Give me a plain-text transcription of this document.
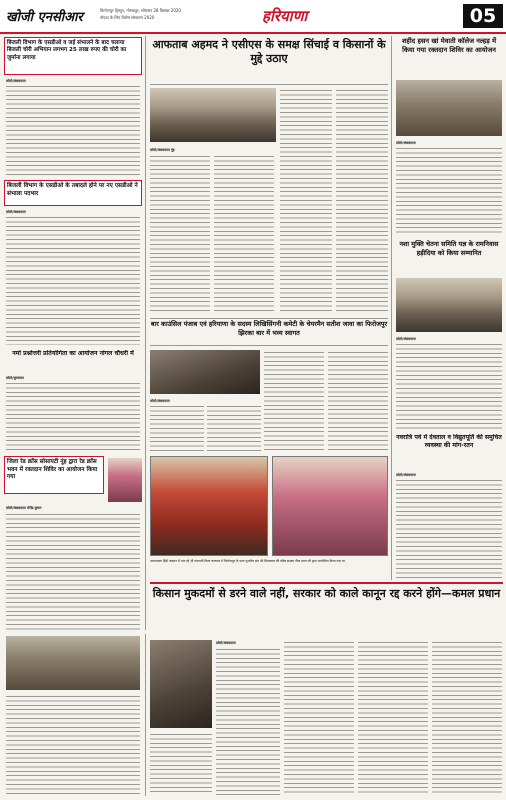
खोजी एनसीआर	फिरोजपुर ट्रिब्यून, गोरखपुर, सोमवार 28 दिसंबर 2020
नोएडा के लिए विशेष संस्करण 2020	हरियाणा	05
बिजली विभाग के एसडीओ व जई संभालने के बाद चलाया बिजली चोरी अभियान लगभग 25 लाख रुपए की चोरी का जुर्माना लगाया
फ़ोटो/संवाददाता
बिजली विभाग के एसडीओ के तबादले होने पर नए एसडीओ ने संभाला पदभार
फ़ोटो/संवाददाता
नमो प्रश्नोत्तरी प्रतियोगिता का आयोजन नांगल चौधरी में
फ़ोटो/सूरजमल
जिला रेड क्रॉस सोसायटी नूंह द्वारा रेड क्रॉस भवन में रक्तदान शिविर का आयोजन किया गया
फ़ोटो/संवाददाता योगेंद्र कुमार
आफताब अहमद ने एसीएस के समक्ष सिंचाई व किसानों के मुद्दे उठाए
फ़ोटो/संवाददाता नूंह
बार काउंसिल पंजाब एवं हरियाणा के सदस्य लिखिसिंगनी कमेटी के चेयरमैन सतीश जावा का फिरोजपुर झिरका बार में भव्य स्वागत
फ़ोटो/संवाददाता
अनाथालय हिंदी जंक्शन में चल रहे श्री पंचायती विश्व कल्याण में फिरोजपुर के परम पूजनीय संत श्री शिवालाल की वरिष्ठ सदस्य गीता माता जी द्वारा आयोजित किया गया था
शहीद हसन खां मेवाती कॉलेज नल्हड़ में किया गया रक्तदान शिविर का आयोजन
फ़ोटो/संवाददाता
नशा मुक्ति चेतना समिति यज्ञ के रामनिवास हड़ीदिया को किया सम्मानित
फ़ोटो/संवाददाता
नवरात्रि पर्व में देवताल व विद्युतपूर्ति की समुचित व्यवस्था की मांग-रतन
फ़ोटो/संवाददाता
किसान मुकदमों से डरने वाले नहीं, सरकार को काले कानून रद्द करने होंगे—कमल प्रधान
फ़ोटो/संवाददाता
